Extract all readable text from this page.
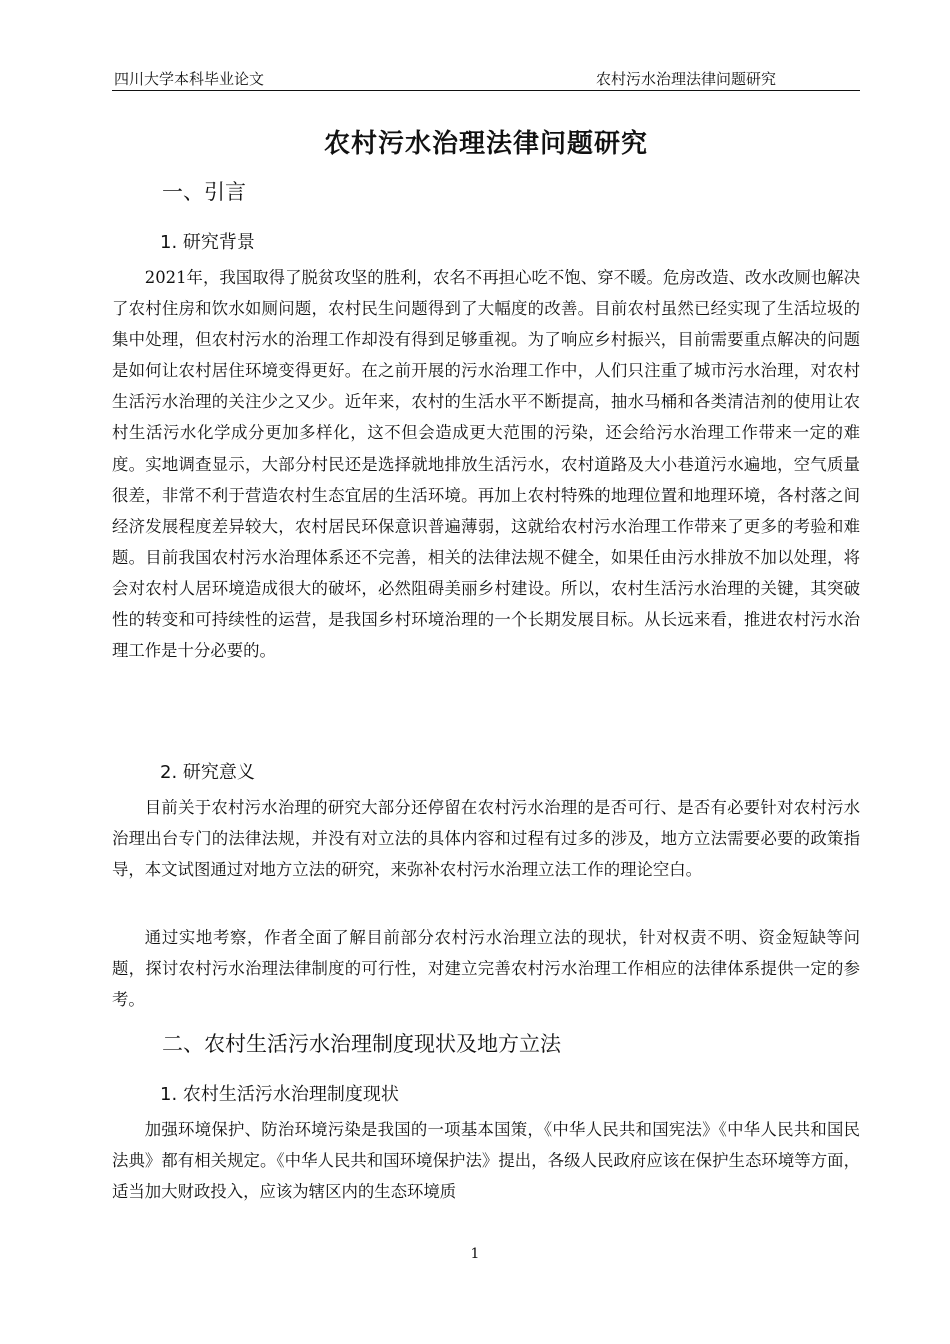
四川大学本科毕业论文	农村污水治理法律问题研究
农村污水治理法律问题研究
一、引言
1. 研究背景

2021年，我国取得了脱贫攻坚的胜利，农名不再担心吃不饱、穿不暖。危房改造、改水改厕也解决了农村住房和饮水如厕问题，农村民生问题得到了大幅度的改善。目前农村虽然已经实现了生活垃圾的集中处理，但农村污水的治理工作却没有得到足够重视。为了响应乡村振兴，目前需要重点解决的问题是如何让农村居住环境变得更好。在之前开展的污水治理工作中，人们只注重了城市污水治理，对农村生活污水治理的关注少之又少。近年来，农村的生活水平不断提高，抽水马桶和各类清洁剂的使用让农村生活污水化学成分更加多样化，这不但会造成更大范围的污染，还会给污水治理工作带来一定的难度。实地调查显示，大部分村民还是选择就地排放生活污水，农村道路及大小巷道污水遍地，空气质量很差，非常不利于营造农村生态宜居的生活环境。再加上农村特殊的地理位置和地理环境，各村落之间经济发展程度差异较大，农村居民环保意识普遍薄弱，这就给农村污水治理工作带来了更多的考验和难题。目前我国农村污水治理体系还不完善，相关的法律法规不健全，如果任由污水排放不加以处理，将会对农村人居环境造成很大的破坏，必然阻碍美丽乡村建设。所以，农村生活污水治理的关键，其突破性的转变和可持续性的运营，是我国乡村环境治理的一个长期发展目标。从长远来看，推进农村污水治理工作是十分必要的。

2. 研究意义

目前关于农村污水治理的研究大部分还停留在农村污水治理的是否可行、是否有必要针对农村污水治理出台专门的法律法规，并没有对立法的具体内容和过程有过多的涉及，地方立法需要必要的政策指导，本文试图通过对地方立法的研究，来弥补农村污水治理立法工作的理论空白。

通过实地考察，作者全面了解目前部分农村污水治理立法的现状，针对权责不明、资金短缺等问题，探讨农村污水治理法律制度的可行性，对建立完善农村污水治理工作相应的法律体系提供一定的参考。

二、农村生活污水治理制度现状及地方立法
1. 农村生活污水治理制度现状

加强环境保护、防治环境污染是我国的一项基本国策，《中华人民共和国宪法》《中华人民共和国民法典》都有相关规定。《中华人民共和国环境保护法》提出，各级人民政府应该在保护生态环境等方面，适当加大财政投入，应该为辖区内的生态环境质

1
